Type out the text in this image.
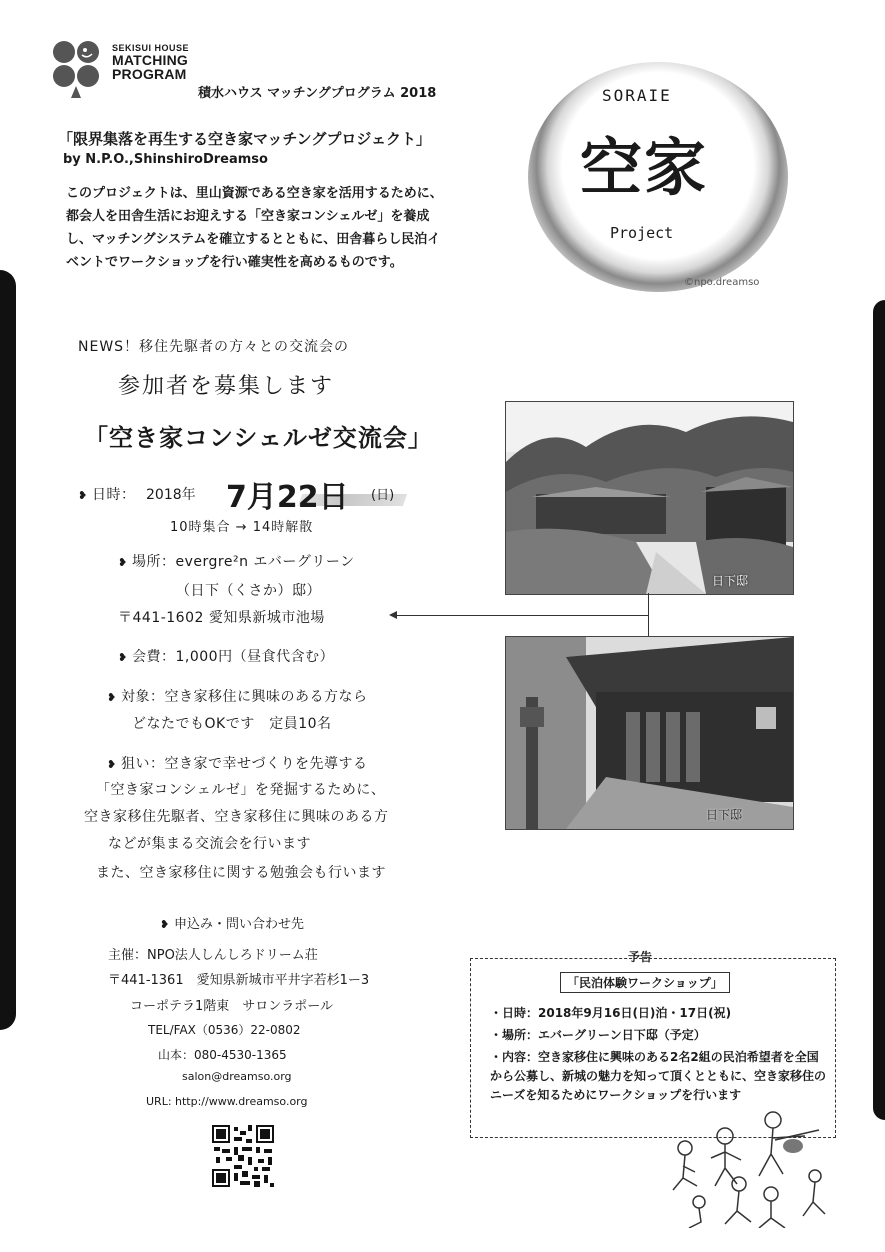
SEKISUI HOUSE
MATCHING
PROGRAM
積水ハウス マッチングプログラム 2018
「限界集落を再生する空き家マッチングプロジェクト」
by N.P.O.,ShinshiroDreamso
このプロジェクトは、里山資源である空き家を活用するために、都会人を田舎生活にお迎えする「空き家コンシェルゼ」を養成し、マッチングシステムを確立するとともに、田舎暮らし民泊イベントでワークショップを行い確実性を高めるものです。
SORAIE
空家
Project
©npo.dreamso
NEWS！移住先駆者の方々との交流会の
参加者を募集します
「空き家コンシェルゼ交流会」
❥ 日時： 2018年 7月22日 (日)
10時集合 → 14時解散
❥ 場所：evergre²n エバーグリーン
（日下（くさか）邸）
〒441-1602 愛知県新城市池場
❥ 会費：1,000円（昼食代含む）
❥ 対象：空き家移住に興味のある方なら
どなたでもOKです　定員10名
❥ 狙い：空き家で幸せづくりを先導する
「空き家コンシェルゼ」を発掘するために、
空き家移住先駆者、空き家移住に興味のある方
などが集まる交流会を行います
また、空き家移住に関する勉強会も行います
❥ 申込み・問い合わせ先
主催：NPO法人しんしろドリーム荘
〒441-1361　愛知県新城市平井字若杉1ー3
コーポテラ1階東　サロンラポール
TEL/FAX（0536）22-0802
山本：080-4530-1365
salon@dreamso.org
URL: http://www.dreamso.org
日下邸
日下邸
予告
「民泊体験ワークショップ」
・日時：2018年9月16日(日)泊・17日(祝)
・場所：エバーグリーン日下邸（予定）
・内容：空き家移住に興味のある2名2組の民泊希望者を全国から公募し、新城の魅力を知って頂くとともに、空き家移住のニーズを知るためにワークショップを行います
